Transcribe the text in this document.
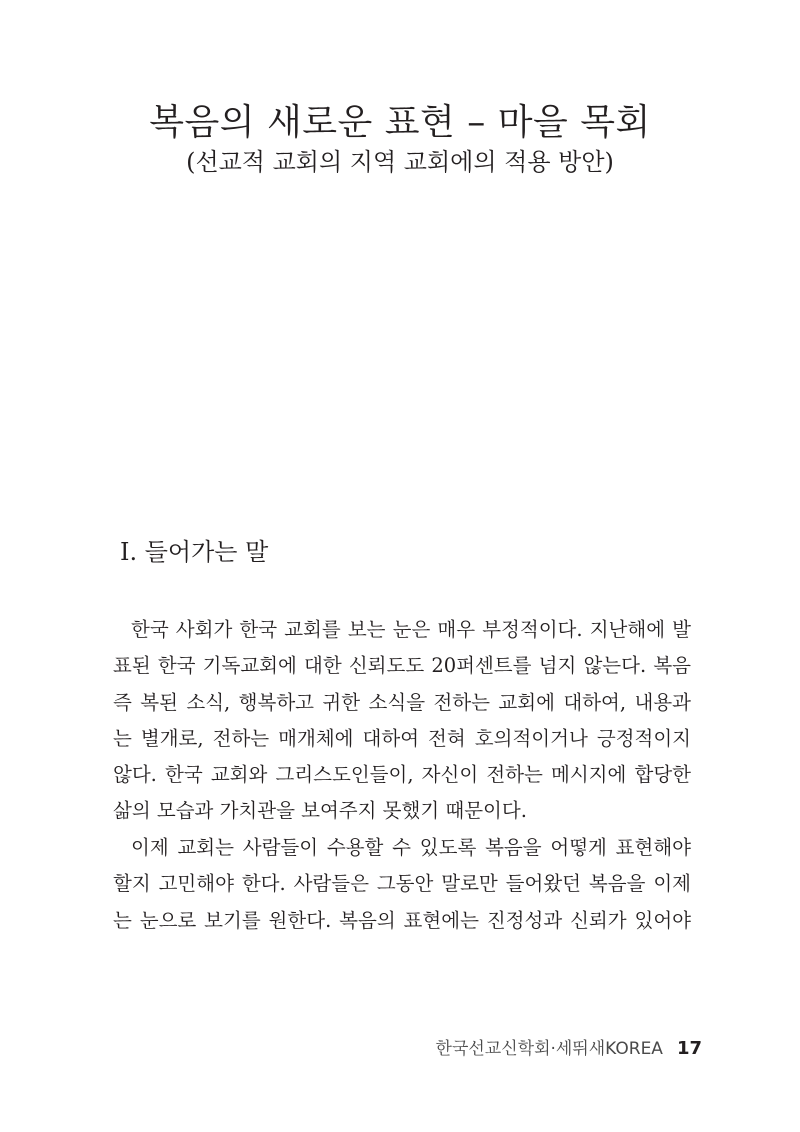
복음의 새로운 표현 – 마을 목회
(선교적 교회의 지역 교회에의 적용 방안)
I. 들어가는 말
한국 사회가 한국 교회를 보는 눈은 매우 부정적이다. 지난해에 발
표된 한국 기독교회에 대한 신뢰도도 20퍼센트를 넘지 않는다. 복음
즉 복된 소식, 행복하고 귀한 소식을 전하는 교회에 대하여, 내용과
는 별개로, 전하는 매개체에 대하여 전혀 호의적이거나 긍정적이지
않다. 한국 교회와 그리스도인들이, 자신이 전하는 메시지에 합당한
삶의 모습과 가치관을 보여주지 못했기 때문이다.
이제 교회는 사람들이 수용할 수 있도록 복음을 어떻게 표현해야
할지 고민해야 한다. 사람들은 그동안 말로만 들어왔던 복음을 이제
는 눈으로 보기를 원한다. 복음의 표현에는 진정성과 신뢰가 있어야
한국선교신학회·세뛰새KOREA 17
